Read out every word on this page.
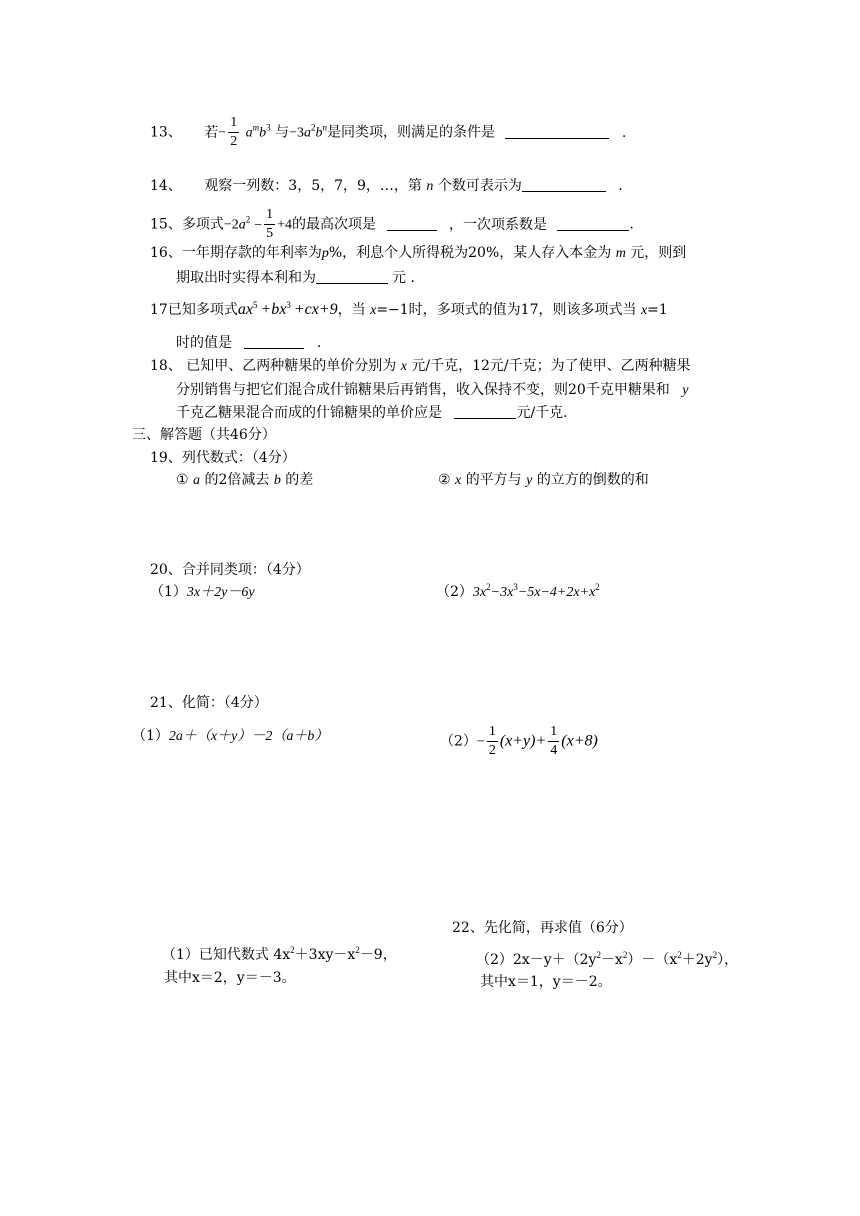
13、 若− $\frac{1}{2} a^mb^3$ 与$-3a^2b^n$是同类项，则满足的条件是	.
14、 观察一列数：3，5，7，9，…，第 n 个数可表示为	.
15、多项式$-2a^2 - \frac{1}{5} +4$的最高次项是	，一次项系数是	.
16、一年期存款的年利率为p%，利息个人所得税为20%，某人存入本金为 m 元，则到
期取出时实得本利和为	元 .
17已知多项式$ax^5 +bx^3 +cx+9$，当 x=−1时，多项式的值为17，则该多项式当 x=1
时的值是	.
18、 已知甲、乙两种糖果的单价分别为 x 元/千克，12元/千克；为了使甲、乙两种糖果
分别销售与把它们混合成什锦糖果后再销售，收入保持不变，则20千克甲糖果和 y
千克乙糖果混合而成的什锦糖果的单价应是	元/千克.
三、解答题（共46分）
19、列代数式：（4分）
① a 的2倍减去 b 的差	② x 的平方与 y 的立方的倒数的和
20、合并同类项：（4分）
（1）3x＋2y－6y	$(2)3x^2-3x^3-5x-4+2x+x^2$
21、化简：（4分）
（1）2a＋（x＋y）－2（a＋b）	$(2)- \frac{1}{2} (x+y)+ \frac{1}{4} (x+8)$
22、先化简，再求值（6分）
（1）已知代数式 $4x^2+3xy-x^2-9$，
其中x＝2，y＝－3。
$(2)2x-y+(2y^2-x^2)-(x^2+2y^2)$，
其中x＝1，y＝－2。
